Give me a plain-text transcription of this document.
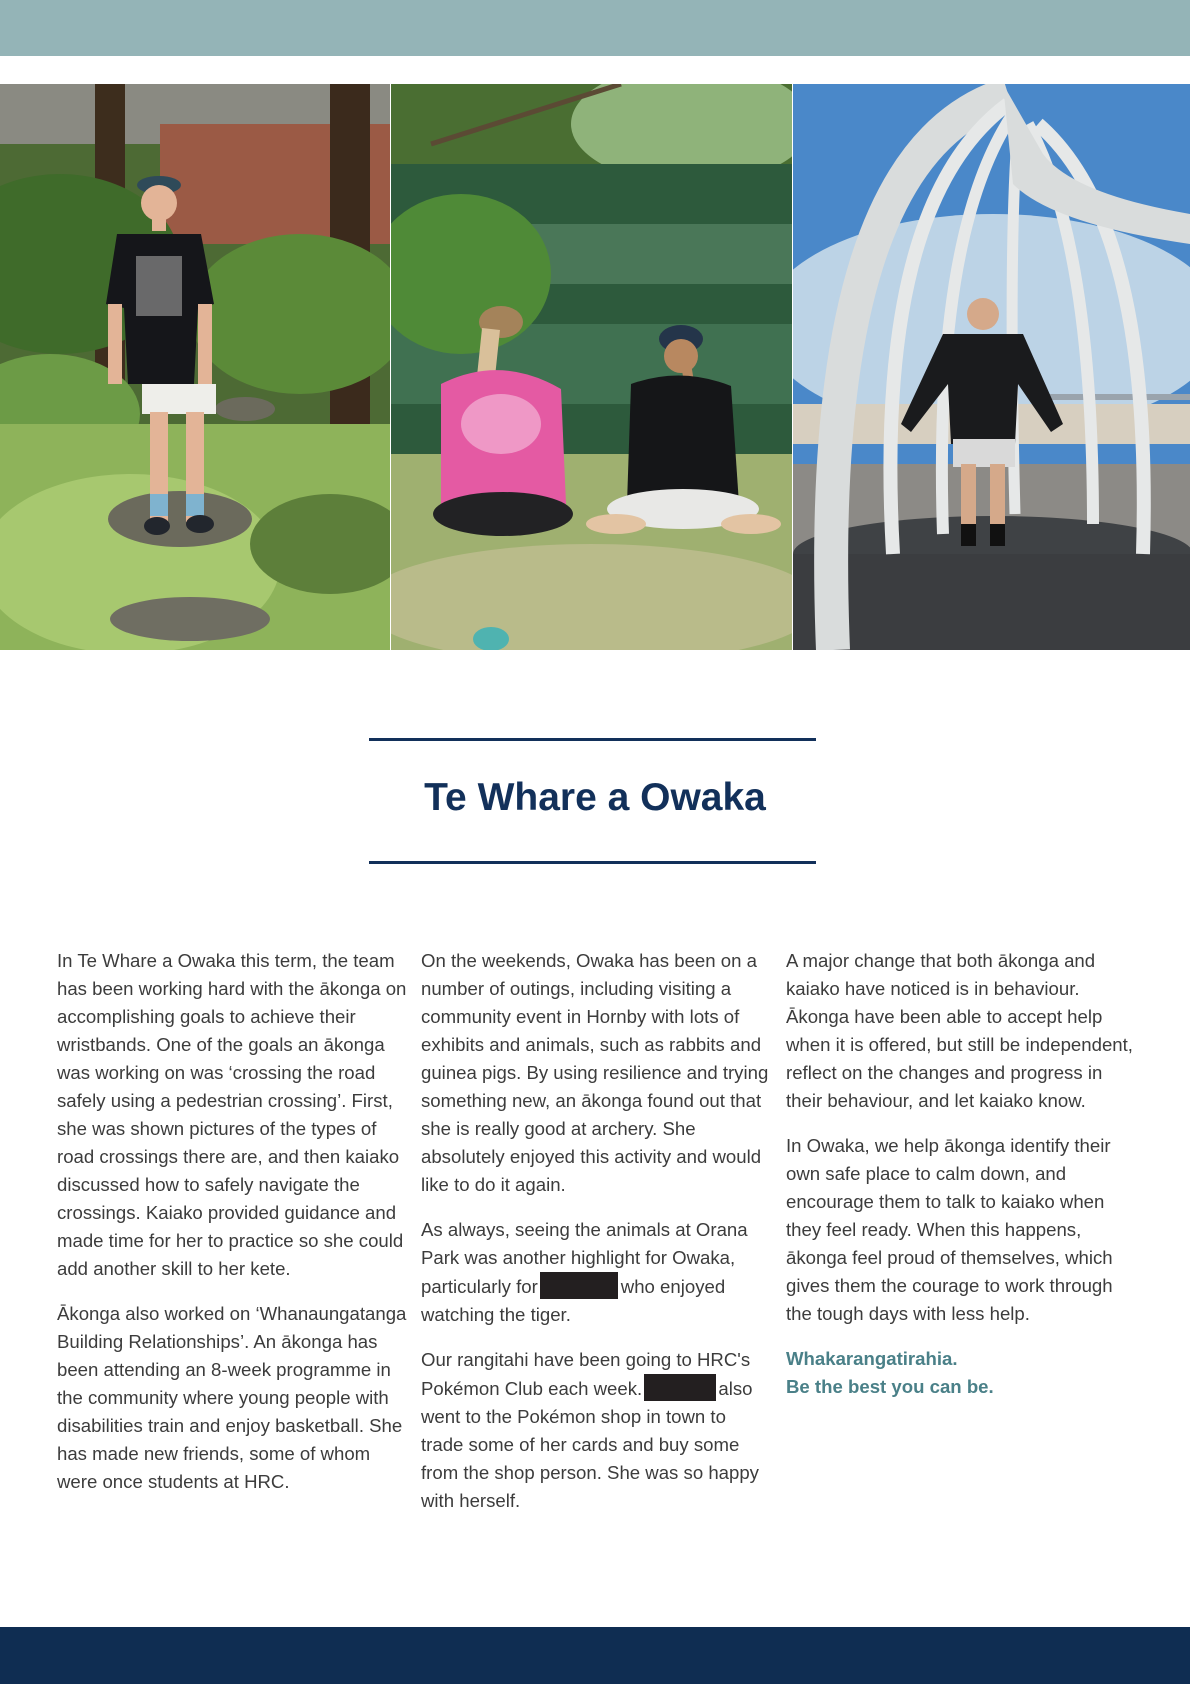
Te Whare a Owaka

In Te Whare a Owaka this term, the team has been working hard with the ākonga on accomplishing goals to achieve their wristbands. One of the goals an ākonga was working on was ‘crossing the road safely using a pedestrian crossing’. First, she was shown pictures of the types of road crossings there are, and then kaiako discussed how to safely navigate the crossings. Kaiako provided guidance and made time for her to practice so she could add another skill to her kete.

Ākonga also worked on ‘Whanaungatanga Building Relationships’. An ākonga has been attending an 8-week programme in the community where young people with disabilities train and enjoy basketball. She has made new friends, some of whom were once students at HRC.

On the weekends, Owaka has been on a number of outings, including visiting a community event in Hornby with lots of exhibits and animals, such as rabbits and guinea pigs. By using resilience and trying something new, an ākonga found out that she is really good at archery. She absolutely enjoyed this activity and would like to do it again.

As always, seeing the animals at Orana Park was another highlight for Owaka, particularly for	who enjoyed watching the tiger.

Our rangitahi have been going to HRC's Pokémon Club each week.	also went to the Pokémon shop in town to trade some of her cards and buy some from the shop person. She was so happy with herself.

A major change that both ākonga and kaiako have noticed is in behaviour. Ākonga have been able to accept help when it is offered, but still be independent, reflect on the changes and progress in their behaviour, and let kaiako know.

In Owaka, we help ākonga identify their own safe place to calm down, and encourage them to talk to kaiako when they feel ready. When this happens, ākonga feel proud of themselves, which gives them the courage to work through the tough days with less help.

Whakarangatirahia.
Be the best you can be.
